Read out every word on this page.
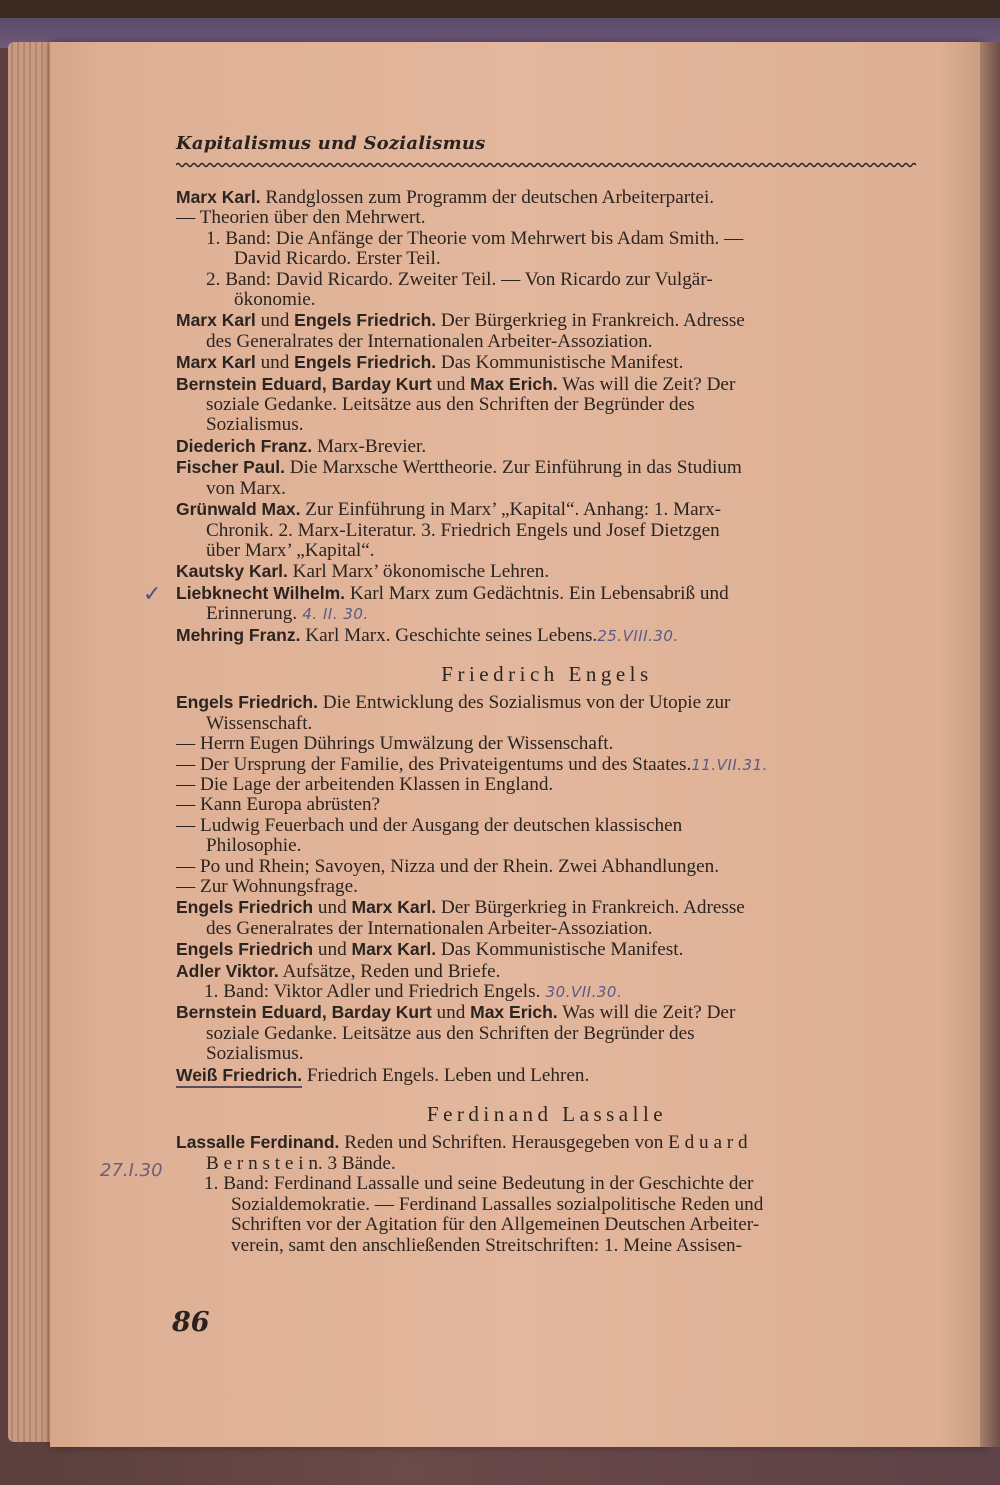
Kapitalismus und Sozialismus
✓
27.I.30

Marx Karl. Randglossen zum Programm der deutschen Arbeiterpartei.

— Theorien über den Mehrwert.

1. Band: Die Anfänge der Theorie vom Mehrwert bis Adam Smith. —

David Ricardo. Erster Teil.

2. Band: David Ricardo. Zweiter Teil. — Von Ricardo zur Vulgär-

ökonomie.

Marx Karl und Engels Friedrich. Der Bürgerkrieg in Frankreich. Adresse

des Generalrates der Internationalen Arbeiter-Assoziation.

Marx Karl und Engels Friedrich. Das Kommunistische Manifest.

Bernstein Eduard, Barday Kurt und Max Erich. Was will die Zeit? Der

soziale Gedanke. Leitsätze aus den Schriften der Begründer des

Sozialismus.

Diederich Franz. Marx-Brevier.

Fischer Paul. Die Marxsche Werttheorie. Zur Einführung in das Studium

von Marx.

Grünwald Max. Zur Einführung in Marx’ „Kapital“. Anhang: 1. Marx-

Chronik. 2. Marx-Literatur. 3. Friedrich Engels und Josef Dietzgen

über Marx’ „Kapital“.

Kautsky Karl. Karl Marx’ ökonomische Lehren.

Liebknecht Wilhelm. Karl Marx zum Gedächtnis. Ein Lebensabriß und

Erinnerung. 4. II. 30.

Mehring Franz. Karl Marx. Geschichte seines Lebens.25.VIII.30.

Friedrich Engels

Engels Friedrich. Die Entwicklung des Sozialismus von der Utopie zur

Wissenschaft.

— Herrn Eugen Dührings Umwälzung der Wissenschaft.

— Der Ursprung der Familie, des Privateigentums und des Staates.11.VII.31.

— Die Lage der arbeitenden Klassen in England.

— Kann Europa abrüsten?

— Ludwig Feuerbach und der Ausgang der deutschen klassischen

Philosophie.

— Po und Rhein; Savoyen, Nizza und der Rhein. Zwei Abhandlungen.

— Zur Wohnungsfrage.

Engels Friedrich und Marx Karl. Der Bürgerkrieg in Frankreich. Adresse

des Generalrates der Internationalen Arbeiter-Assoziation.

Engels Friedrich und Marx Karl. Das Kommunistische Manifest.

Adler Viktor. Aufsätze, Reden und Briefe.

1. Band: Viktor Adler und Friedrich Engels. 30.VII.30.

Bernstein Eduard, Barday Kurt und Max Erich. Was will die Zeit? Der

soziale Gedanke. Leitsätze aus den Schriften der Begründer des

Sozialismus.

Weiß Friedrich. Friedrich Engels. Leben und Lehren.

Ferdinand Lassalle

Lassalle Ferdinand. Reden und Schriften. Herausgegeben von E d u a r d

B e r n s t e i n. 3 Bände.

1. Band: Ferdinand Lassalle und seine Bedeutung in der Geschichte der

Sozialdemokratie. — Ferdinand Lassalles sozialpolitische Reden und

Schriften vor der Agitation für den Allgemeinen Deutschen Arbeiter-

verein, samt den anschließenden Streitschriften: 1. Meine Assisen-

86
